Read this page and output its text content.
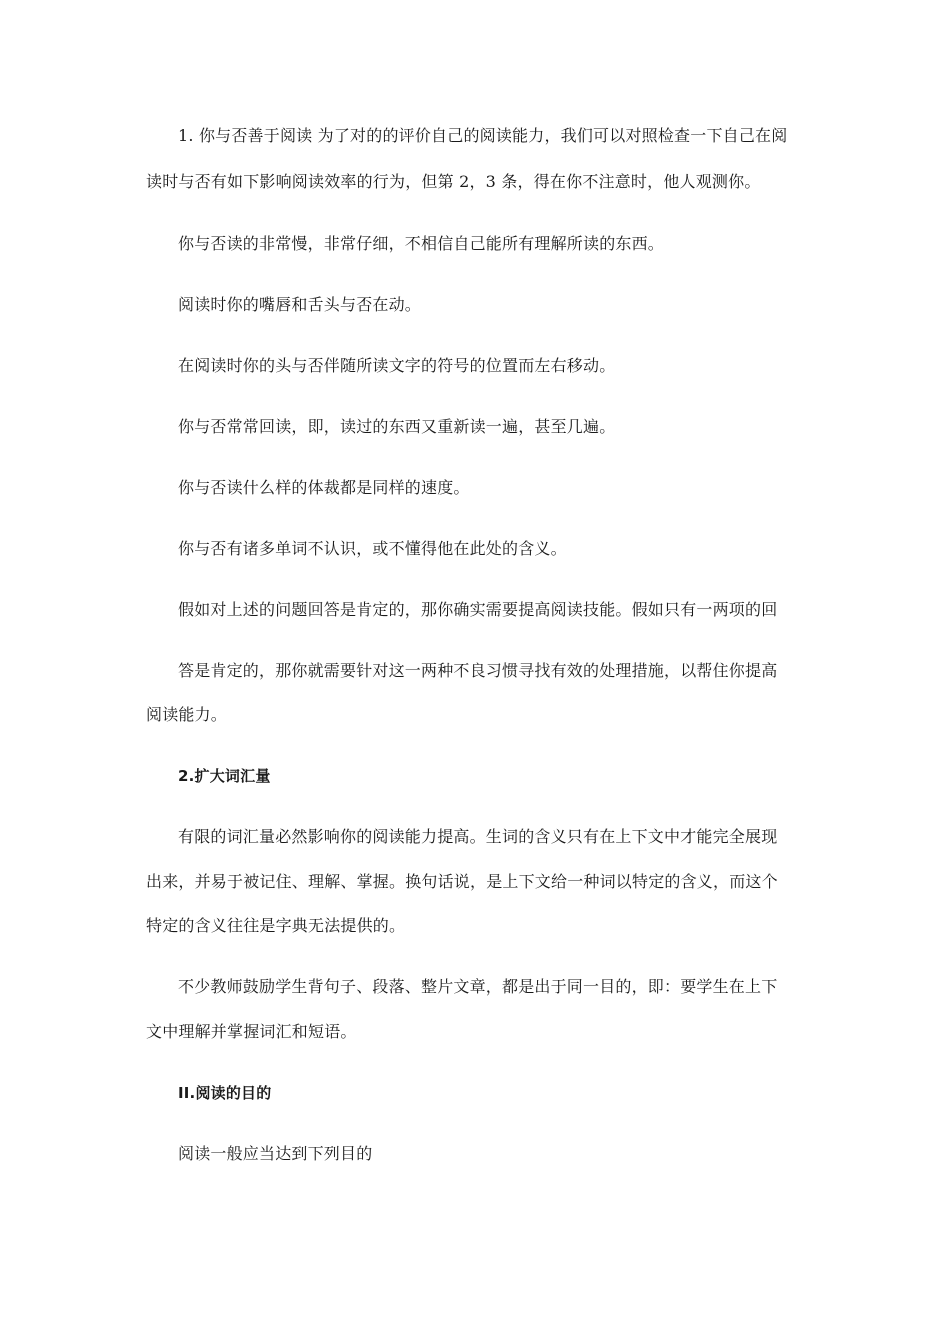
1. 你与否善于阅读 为了对的的评价自己的阅读能力，我们可以对照检查一下自己在阅
读时与否有如下影响阅读效率的行为，但第 2，3 条，得在你不注意时，他人观测你。
你与否读的非常慢，非常仔细，不相信自己能所有理解所读的东西。
阅读时你的嘴唇和舌头与否在动。
在阅读时你的头与否伴随所读文字的符号的位置而左右移动。
你与否常常回读，即，读过的东西又重新读一遍，甚至几遍。
你与否读什么样的体裁都是同样的速度。
你与否有诸多单词不认识，或不懂得他在此处的含义。
假如对上述的问题回答是肯定的，那你确实需要提高阅读技能。假如只有一两项的回
答是肯定的，那你就需要针对这一两种不良习惯寻找有效的处理措施，以帮住你提高
阅读能力。
2.扩大词汇量
有限的词汇量必然影响你的阅读能力提高。生词的含义只有在上下文中才能完全展现
出来，并易于被记住、理解、掌握。换句话说，是上下文给一种词以特定的含义，而这个
特定的含义往往是字典无法提供的。
不少教师鼓励学生背句子、段落、整片文章，都是出于同一目的，即：要学生在上下
文中理解并掌握词汇和短语。
II.阅读的目的
阅读一般应当达到下列目的
